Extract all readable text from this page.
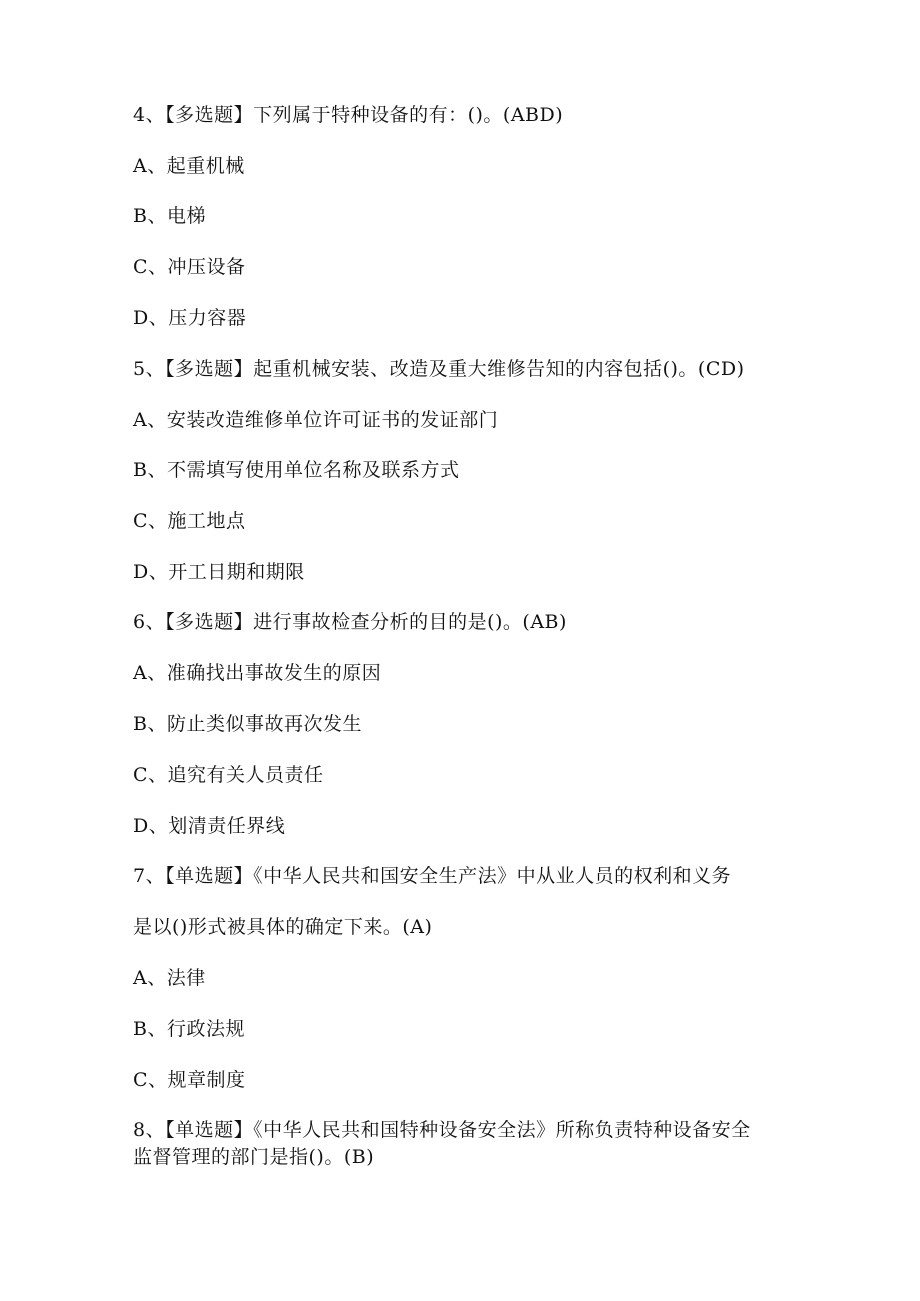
4、【多选题】下列属于特种设备的有：()。(ABD)
A、起重机械
B、电梯
C、冲压设备
D、压力容器
5、【多选题】起重机械安装、改造及重大维修告知的内容包括()。(CD)
A、安装改造维修单位许可证书的发证部门
B、不需填写使用单位名称及联系方式
C、施工地点
D、开工日期和期限
6、【多选题】进行事故检查分析的目的是()。(AB)
A、准确找出事故发生的原因
B、防止类似事故再次发生
C、追究有关人员责任
D、划清责任界线
7、【单选题】《中华人民共和国安全生产法》中从业人员的权利和义务
是以()形式被具体的确定下来。(A)
A、法律
B、行政法规
C、规章制度
8、【单选题】《中华人民共和国特种设备安全法》所称负责特种设备安全
监督管理的部门是指()。(B)
